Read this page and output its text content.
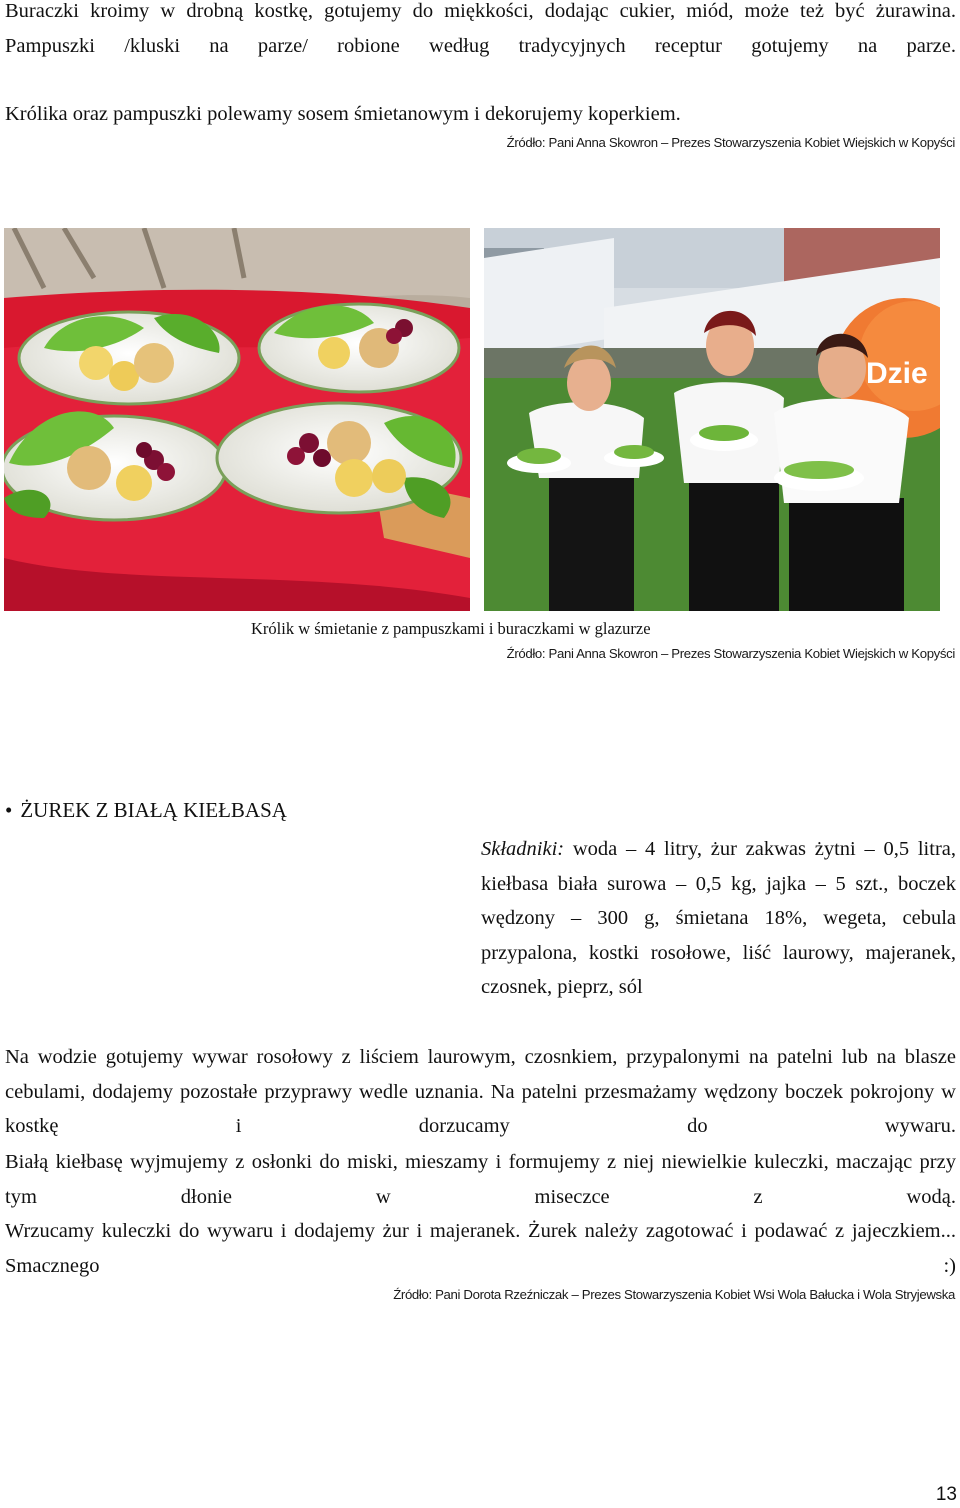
Buraczki kroimy w drobną kostkę, gotujemy do miękkości, dodając cukier, miód, może też być żurawina. Pampuszki /kluski na parze/ robione według tradycyjnych receptur gotujemy na parze.

Królika oraz pampuszki polewamy sosem śmietanowym i dekorujemy koperkiem.

Źródło: Pani Anna Skowron – Prezes Stowarzyszenia Kobiet Wiejskich w Kopyści
Dzie
Królik w śmietanie z pampuszkami i buraczkami w glazurze
Źródło: Pani Anna Skowron – Prezes Stowarzyszenia Kobiet Wiejskich w Kopyści
• ŻUREK Z BIAŁĄ KIEŁBASĄ

Składniki: woda – 4 litry, żur zakwas żytni – 0,5 litra, kiełbasa biała surowa – 0,5 kg, jajka – 5 szt., boczek wędzony – 300 g, śmietana 18%, wegeta, cebula przypalona, kostki rosołowe, liść laurowy, majeranek, czosnek, pieprz, sól

Na wodzie gotujemy wywar rosołowy z liściem laurowym, czosnkiem, przypalonymi na patelni lub na blasze cebulami, dodajemy pozostałe przyprawy wedle uznania. Na patelni przesmażamy wędzony boczek pokrojony w kostkę i dorzucamy do wywaru.

Białą kiełbasę wyjmujemy z osłonki do miski, mieszamy i formujemy z niej niewielkie kuleczki, maczając przy tym dłonie w miseczce z wodą.

Wrzucamy kuleczki do wywaru i dodajemy żur i majeranek. Żurek należy zagotować i podawać z jajeczkiem... Smacznego :)

Źródło: Pani Dorota Rzeźniczak – Prezes Stowarzyszenia Kobiet Wsi Wola Bałucka i Wola Stryjewska
13
